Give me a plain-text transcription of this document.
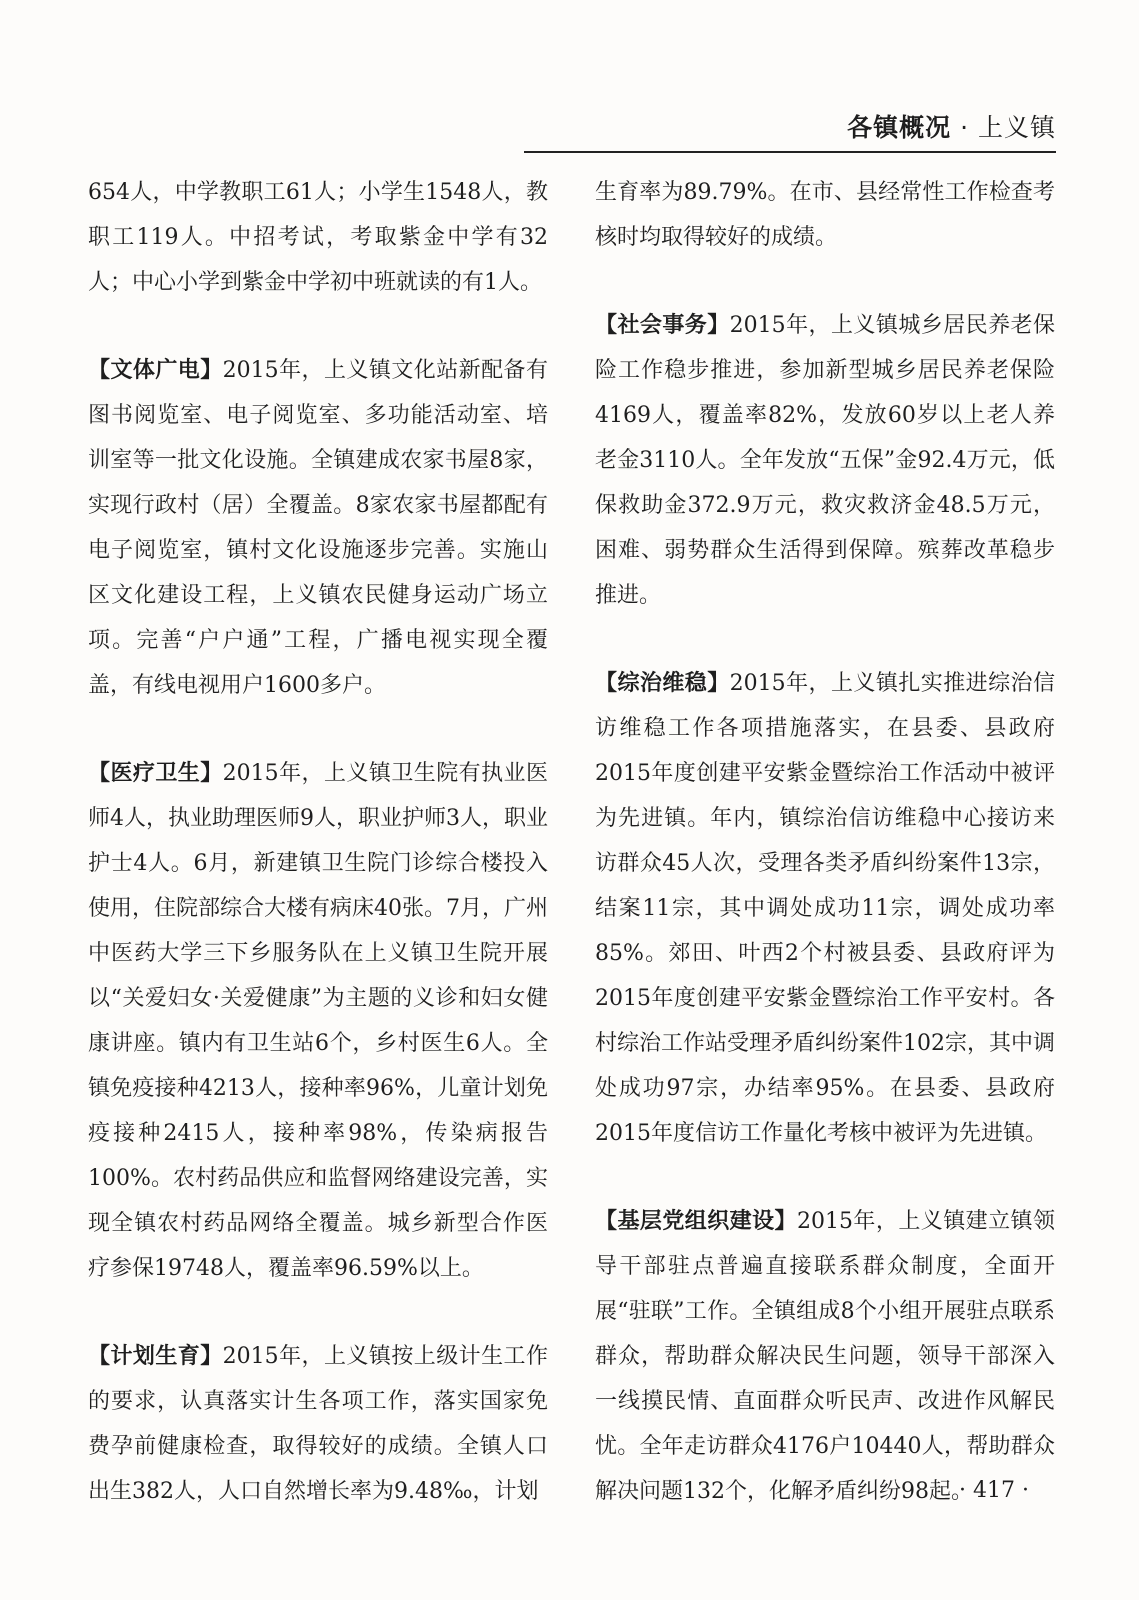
各镇概况 · 上义镇

654人，中学教职工61人；小学生1548人，教职工119人。中招考试，考取紫金中学有32人；中心小学到紫金中学初中班就读的有1人。

【文体广电】2015年，上义镇文化站新配备有图书阅览室、电子阅览室、多功能活动室、培训室等一批文化设施。全镇建成农家书屋8家，实现行政村（居）全覆盖。8家农家书屋都配有电子阅览室，镇村文化设施逐步完善。实施山区文化建设工程，上义镇农民健身运动广场立项。完善“户户通”工程，广播电视实现全覆盖，有线电视用户1600多户。

【医疗卫生】2015年，上义镇卫生院有执业医师4人，执业助理医师9人，职业护师3人，职业护士4人。6月，新建镇卫生院门诊综合楼投入使用，住院部综合大楼有病床40张。7月，广州中医药大学三下乡服务队在上义镇卫生院开展以“关爱妇女·关爱健康”为主题的义诊和妇女健康讲座。镇内有卫生站6个，乡村医生6人。全镇免疫接种4213人，接种率96%，儿童计划免疫接种2415人，接种率98%，传染病报告100%。农村药品供应和监督网络建设完善，实现全镇农村药品网络全覆盖。城乡新型合作医疗参保19748人，覆盖率96.59%以上。

【计划生育】2015年，上义镇按上级计生工作的要求，认真落实计生各项工作，落实国家免费孕前健康检查，取得较好的成绩。全镇人口出生382人，人口自然增长率为9.48‰，计划

生育率为89.79%。在市、县经常性工作检查考核时均取得较好的成绩。

【社会事务】2015年，上义镇城乡居民养老保险工作稳步推进，参加新型城乡居民养老保险4169人，覆盖率82%，发放60岁以上老人养老金3110人。全年发放“五保”金92.4万元，低保救助金372.9万元，救灾救济金48.5万元，困难、弱势群众生活得到保障。殡葬改革稳步推进。

【综治维稳】2015年，上义镇扎实推进综治信访维稳工作各项措施落实，在县委、县政府2015年度创建平安紫金暨综治工作活动中被评为先进镇。年内，镇综治信访维稳中心接访来访群众45人次，受理各类矛盾纠纷案件13宗，结案11宗，其中调处成功11宗，调处成功率85%。郊田、叶西2个村被县委、县政府评为2015年度创建平安紫金暨综治工作平安村。各村综治工作站受理矛盾纠纷案件102宗，其中调处成功97宗，办结率95%。在县委、县政府2015年度信访工作量化考核中被评为先进镇。

【基层党组织建设】2015年，上义镇建立镇领导干部驻点普遍直接联系群众制度，全面开展“驻联”工作。全镇组成8个小组开展驻点联系群众，帮助群众解决民生问题，领导干部深入一线摸民情、直面群众听民声、改进作风解民忧。全年走访群众4176户10440人，帮助群众解决问题132个，化解矛盾纠纷98起。

· 417 ·
